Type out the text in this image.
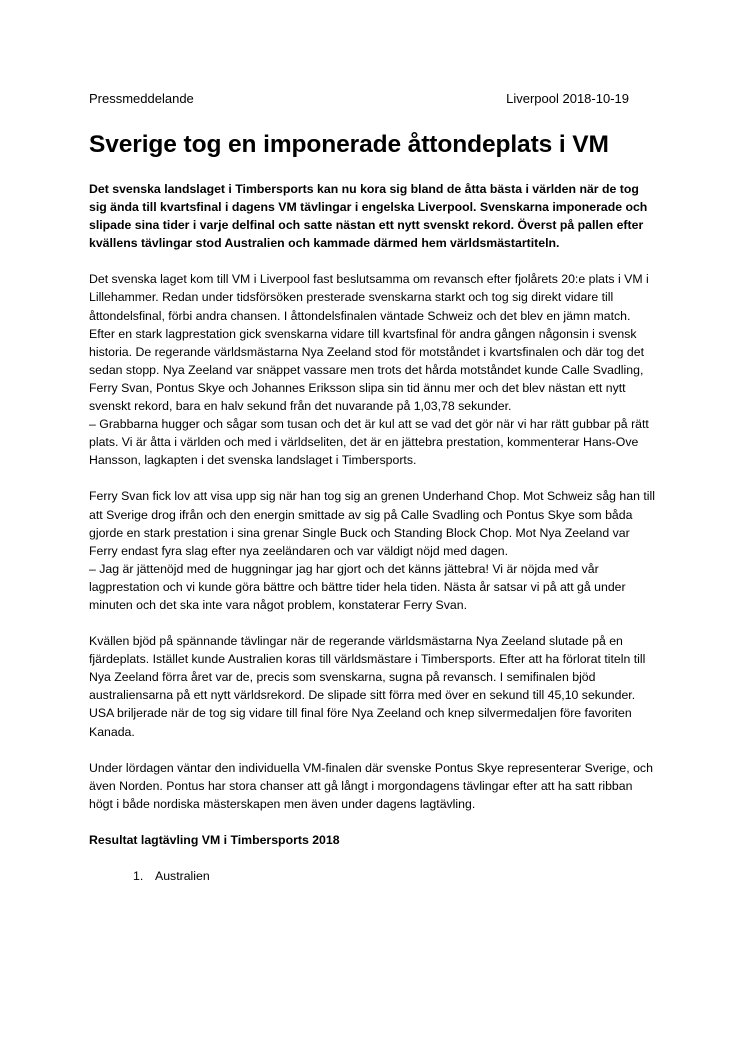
Pressmeddelande	Liverpool 2018-10-19
Sverige tog en imponerade åttondeplats i VM

Det svenska landslaget i Timbersports kan nu kora sig bland de åtta bästa i världen när de tog sig ända till kvartsfinal i dagens VM tävlingar i engelska Liverpool. Svenskarna imponerade och slipade sina tider i varje delfinal och satte nästan ett nytt svenskt rekord. Överst på pallen efter kvällens tävlingar stod Australien och kammade därmed hem världsmästartiteln.

Det svenska laget kom till VM i Liverpool fast beslutsamma om revansch efter fjolårets 20:e plats i VM i Lillehammer. Redan under tidsförsöken presterade svenskarna starkt och tog sig direkt vidare till åttondelsfinal, förbi andra chansen. I åttondelsfinalen väntade Schweiz och det blev en jämn match. Efter en stark lagprestation gick svenskarna vidare till kvartsfinal för andra gången någonsin i svensk historia. De regerande världsmästarna Nya Zeeland stod för motståndet i kvartsfinalen och där tog det sedan stopp. Nya Zeeland var snäppet vassare men trots det hårda motståndet kunde Calle Svadling, Ferry Svan, Pontus Skye och Johannes Eriksson slipa sin tid ännu mer och det blev nästan ett nytt svenskt rekord, bara en halv sekund från det nuvarande på 1,03,78 sekunder.
– Grabbarna hugger och sågar som tusan och det är kul att se vad det gör när vi har rätt gubbar på rätt plats. Vi är åtta i världen och med i världseliten, det är en jättebra prestation, kommenterar Hans-Ove Hansson, lagkapten i det svenska landslaget i Timbersports.

Ferry Svan fick lov att visa upp sig när han tog sig an grenen Underhand Chop. Mot Schweiz såg han till att Sverige drog ifrån och den energin smittade av sig på Calle Svadling och Pontus Skye som båda gjorde en stark prestation i sina grenar Single Buck och Standing Block Chop. Mot Nya Zeeland var Ferry endast fyra slag efter nya zeeländaren och var väldigt nöjd med dagen.
– Jag är jättenöjd med de huggningar jag har gjort och det känns jättebra! Vi är nöjda med vår lagprestation och vi kunde göra bättre och bättre tider hela tiden. Nästa år satsar vi på att gå under minuten och det ska inte vara något problem, konstaterar Ferry Svan.

Kvällen bjöd på spännande tävlingar när de regerande världsmästarna Nya Zeeland slutade på en fjärdeplats. Istället kunde Australien koras till världsmästare i Timbersports. Efter att ha förlorat titeln till Nya Zeeland förra året var de, precis som svenskarna, sugna på revansch. I semifinalen bjöd australiensarna på ett nytt världsrekord. De slipade sitt förra med över en sekund till 45,10 sekunder. USA briljerade när de tog sig vidare till final före Nya Zeeland och knep silvermedaljen före favoriten Kanada.

Under lördagen väntar den individuella VM-finalen där svenske Pontus Skye representerar Sverige, och även Norden. Pontus har stora chanser att gå långt i morgondagens tävlingar efter att ha satt ribban högt i både nordiska mästerskapen men även under dagens lagtävling.

Resultat lagtävling VM i Timbersports 2018

1. Australien
